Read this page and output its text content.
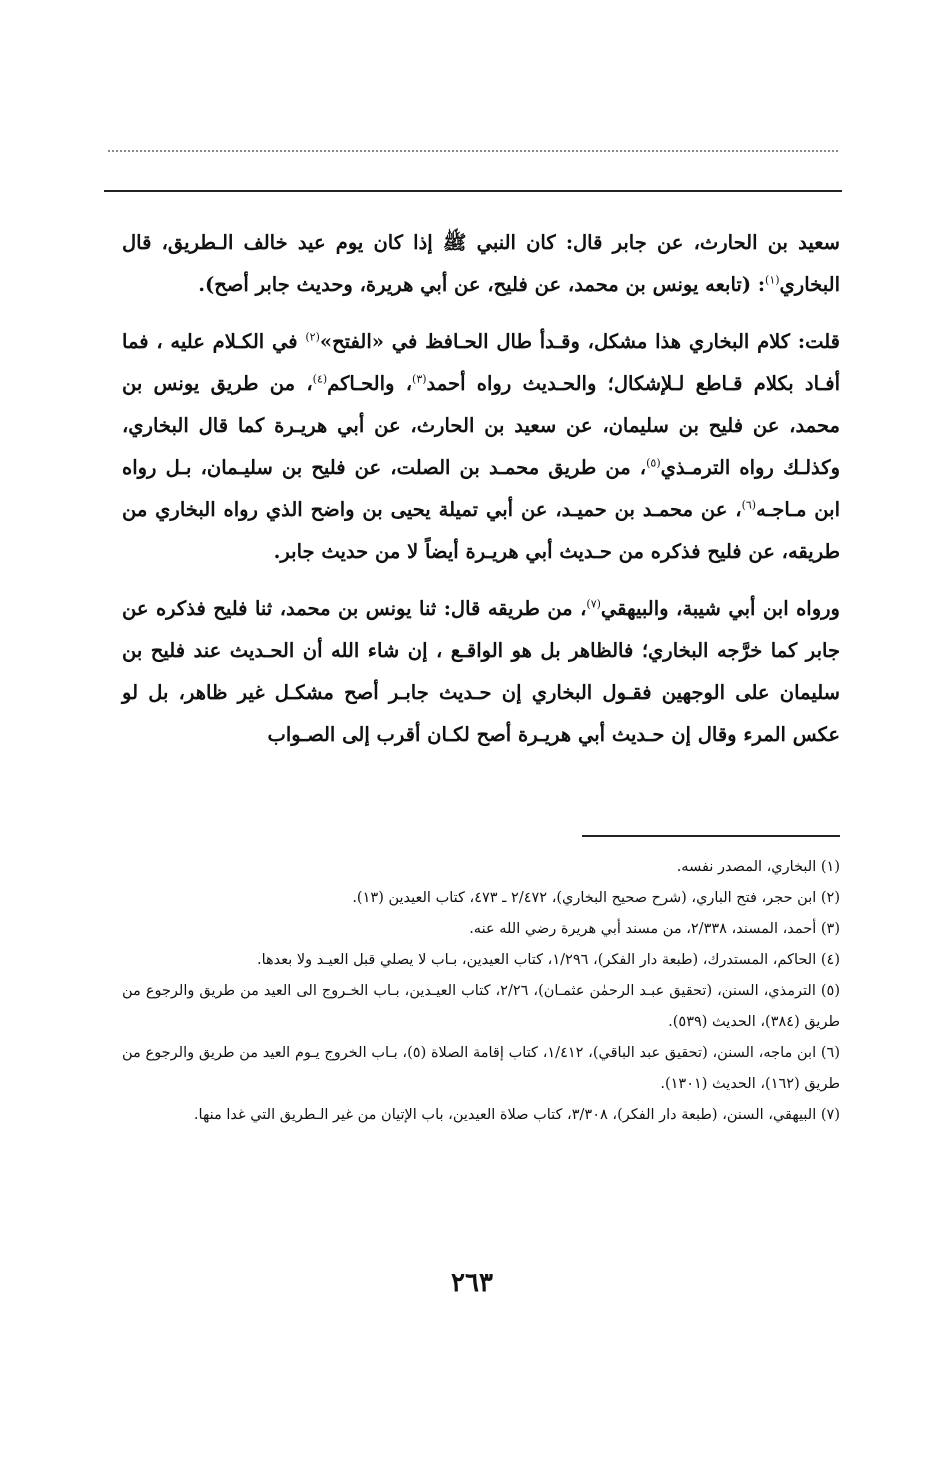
سعيد بن الحارث، عن جابر قال: كان النبي ﷺ إذا كان يوم عيد خالف الـطريق، قال البخاري$^{(١)}$: (تابعه يونس بن محمد، عن فليح، عن أبي هريرة، وحديث جابر أصح).

قلت: كلام البخاري هذا مشكل، وقـدأ طال الحـافظ في «الفتح»$^{(٢)}$ في الكـلام عليه ، فما أفـاد بكلام قـاطع لـلإشكال؛ والحـديث رواه أحمد$^{(٣)}$، والحـاكم$^{(٤)}$، من طريق يونس بن محمد، عن فليح بن سليمان، عن سعيد بن الحارث، عن أبي هريـرة كما قال البخاري، وكذلـك رواه الترمـذي$^{(٥)}$، من طريق محمـد بن الصلت، عن فليح بن سليـمان، بـل رواه ابن مـاجـه$^{(٦)}$، عن محمـد بن حميـد، عن أبي تميلة يحيى بن واضح الذي رواه البخاري من طريقه، عن فليح فذكره من حـديث أبي هريـرة أيضاً لا من حديث جابر.

ورواه ابن أبي شيبة، والبيهقي$^{(٧)}$، من طريقه قال: ثنا يونس بن محمد، ثنا فليح فذكره عن جابر كما خرَّجه البخاري؛ فالظاهر بل هو الواقـع ، إن شاء الله أن الحـديث عند فليح بن سليمان على الوجهين فقـول البخاري إن حـديث جابـر أصح مشكـل غير ظاهر، بل لو عكس المرء وقال إن حـديث أبي هريـرة أصح لكـان أقرب إلى الصـواب

(١) البخاري، المصدر نفسه.

(٢) ابن حجر، فتح الباري، (شرح صحيح البخاري)، ٢/٤٧٢ ـ ٤٧٣، كتاب العيدين (١٣).

(٣) أحمد، المسند، ٢/٣٣٨، من مسند أبي هريرة رضي الله عنه.

(٤) الحاكم، المستدرك، (طبعة دار الفكر)، ١/٢٩٦، كتاب العيدين، بـاب لا يصلي قبل العيـد ولا بعدها.

(٥) الترمذي، السنن، (تحقيق عبـد الرحمٰن عثمـان)، ٢/٢٦، كتاب العيـدين، بـاب الخـروج الى العيد من طريق والرجوع من طريق (٣٨٤)، الحديث (٥٣٩).

(٦) ابن ماجه، السنن، (تحقيق عبد الباقي)، ١/٤١٢، كتاب إقامة الصلاة (٥)، بـاب الخروج يـوم العيد من طريق والرجوع من طريق (١٦٢)، الحديث (١٣٠١).

(٧) البيهقي، السنن، (طبعة دار الفكر)، ٣/٣٠٨، كتاب صلاة العيدين، باب الإتيان من غير الـطريق التي غدا منها.

٢٦٣
